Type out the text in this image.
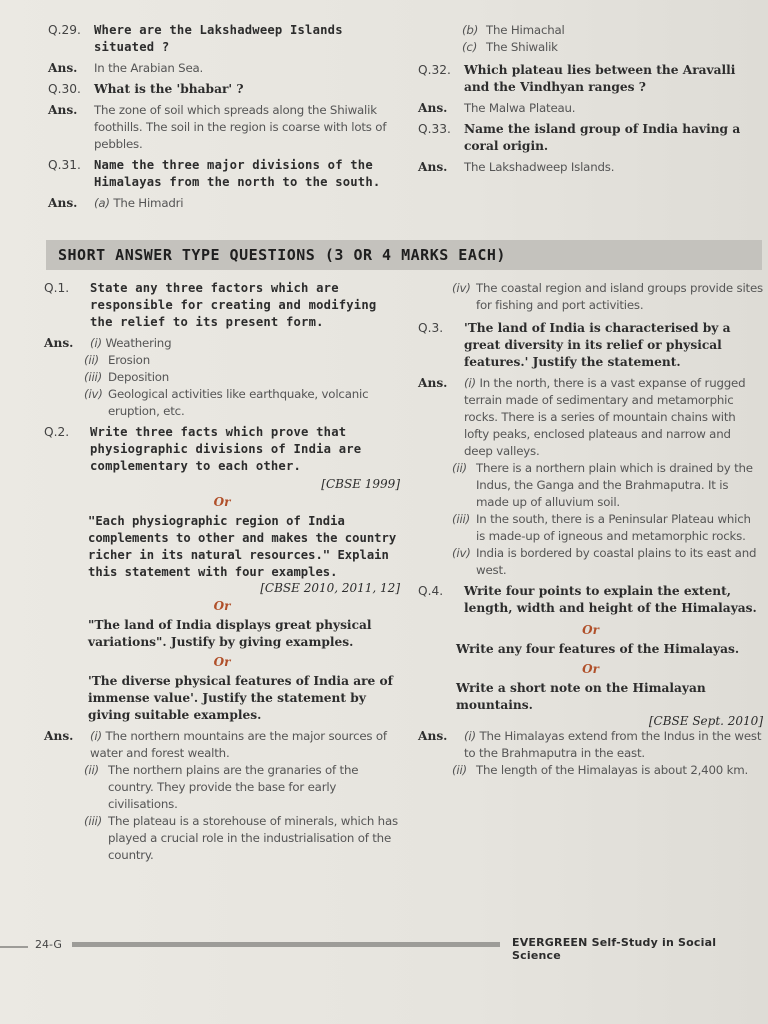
Q.29.	Where are the Lakshadweep Islands situated ?
Ans.	In the Arabian Sea.
Q.30.	What is the 'bhabar' ?
Ans.	The zone of soil which spreads along the Shiwalik foothills. The soil in the region is coarse with lots of pebbles.
Q.31.	Name the three major divisions of the Himalayas from the north to the south.
Ans.	(a) The Himadri
(b) The Himachal
(c) The Shiwalik
Q.32.	Which plateau lies between the Aravalli and the Vindhyan ranges ?
Ans.	The Malwa Plateau.
Q.33.	Name the island group of India having a coral origin.
Ans.	The Lakshadweep Islands.
SHORT ANSWER TYPE QUESTIONS (3 OR 4 MARKS EACH)
Q.1.	State any three factors which are responsible for creating and modifying the relief to its present form.
Ans.	(i) Weathering
(ii) Erosion
(iii) Deposition
(iv) Geological activities like earthquake, volcanic eruption, etc.
Q.2.	Write three facts which prove that physiographic divisions of India are complementary to each other.
[CBSE 1999]
Or
"Each physiographic region of India complements to other and makes the country richer in its natural resources." Explain this statement with four examples.
[CBSE 2010, 2011, 12]
Or
"The land of India displays great physical variations". Justify by giving examples.
Or
'The diverse physical features of India are of immense value'. Justify the statement by giving suitable examples.
Ans.	(i) The northern mountains are the major sources of water and forest wealth.
(ii) The northern plains are the granaries of the country. They provide the base for early civilisations.
(iii) The plateau is a storehouse of minerals, which has played a crucial role in the industrialisation of the country.
(iv) The coastal region and island groups provide sites for fishing and port activities.
Q.3.	'The land of India is characterised by a great diversity in its relief or physical features.' Justify the statement.
Ans.	(i) In the north, there is a vast expanse of rugged terrain made of sedimentary and metamorphic rocks. There is a series of mountain chains with lofty peaks, enclosed plateaus and narrow and deep valleys.
(ii) There is a northern plain which is drained by the Indus, the Ganga and the Brahmaputra. It is made up of alluvium soil.
(iii) In the south, there is a Peninsular Plateau which is made-up of igneous and metamorphic rocks.
(iv) India is bordered by coastal plains to its east and west.
Q.4.	Write four points to explain the extent, length, width and height of the Himalayas.
Or
Write any four features of the Himalayas.
Or
Write a short note on the Himalayan mountains.
[CBSE Sept. 2010]
Ans.	(i) The Himalayas extend from the Indus in the west to the Brahmaputra in the east.
(ii) The length of the Himalayas is about 2,400 km.
24-G	EVERGREEN Self-Study in Social Science
